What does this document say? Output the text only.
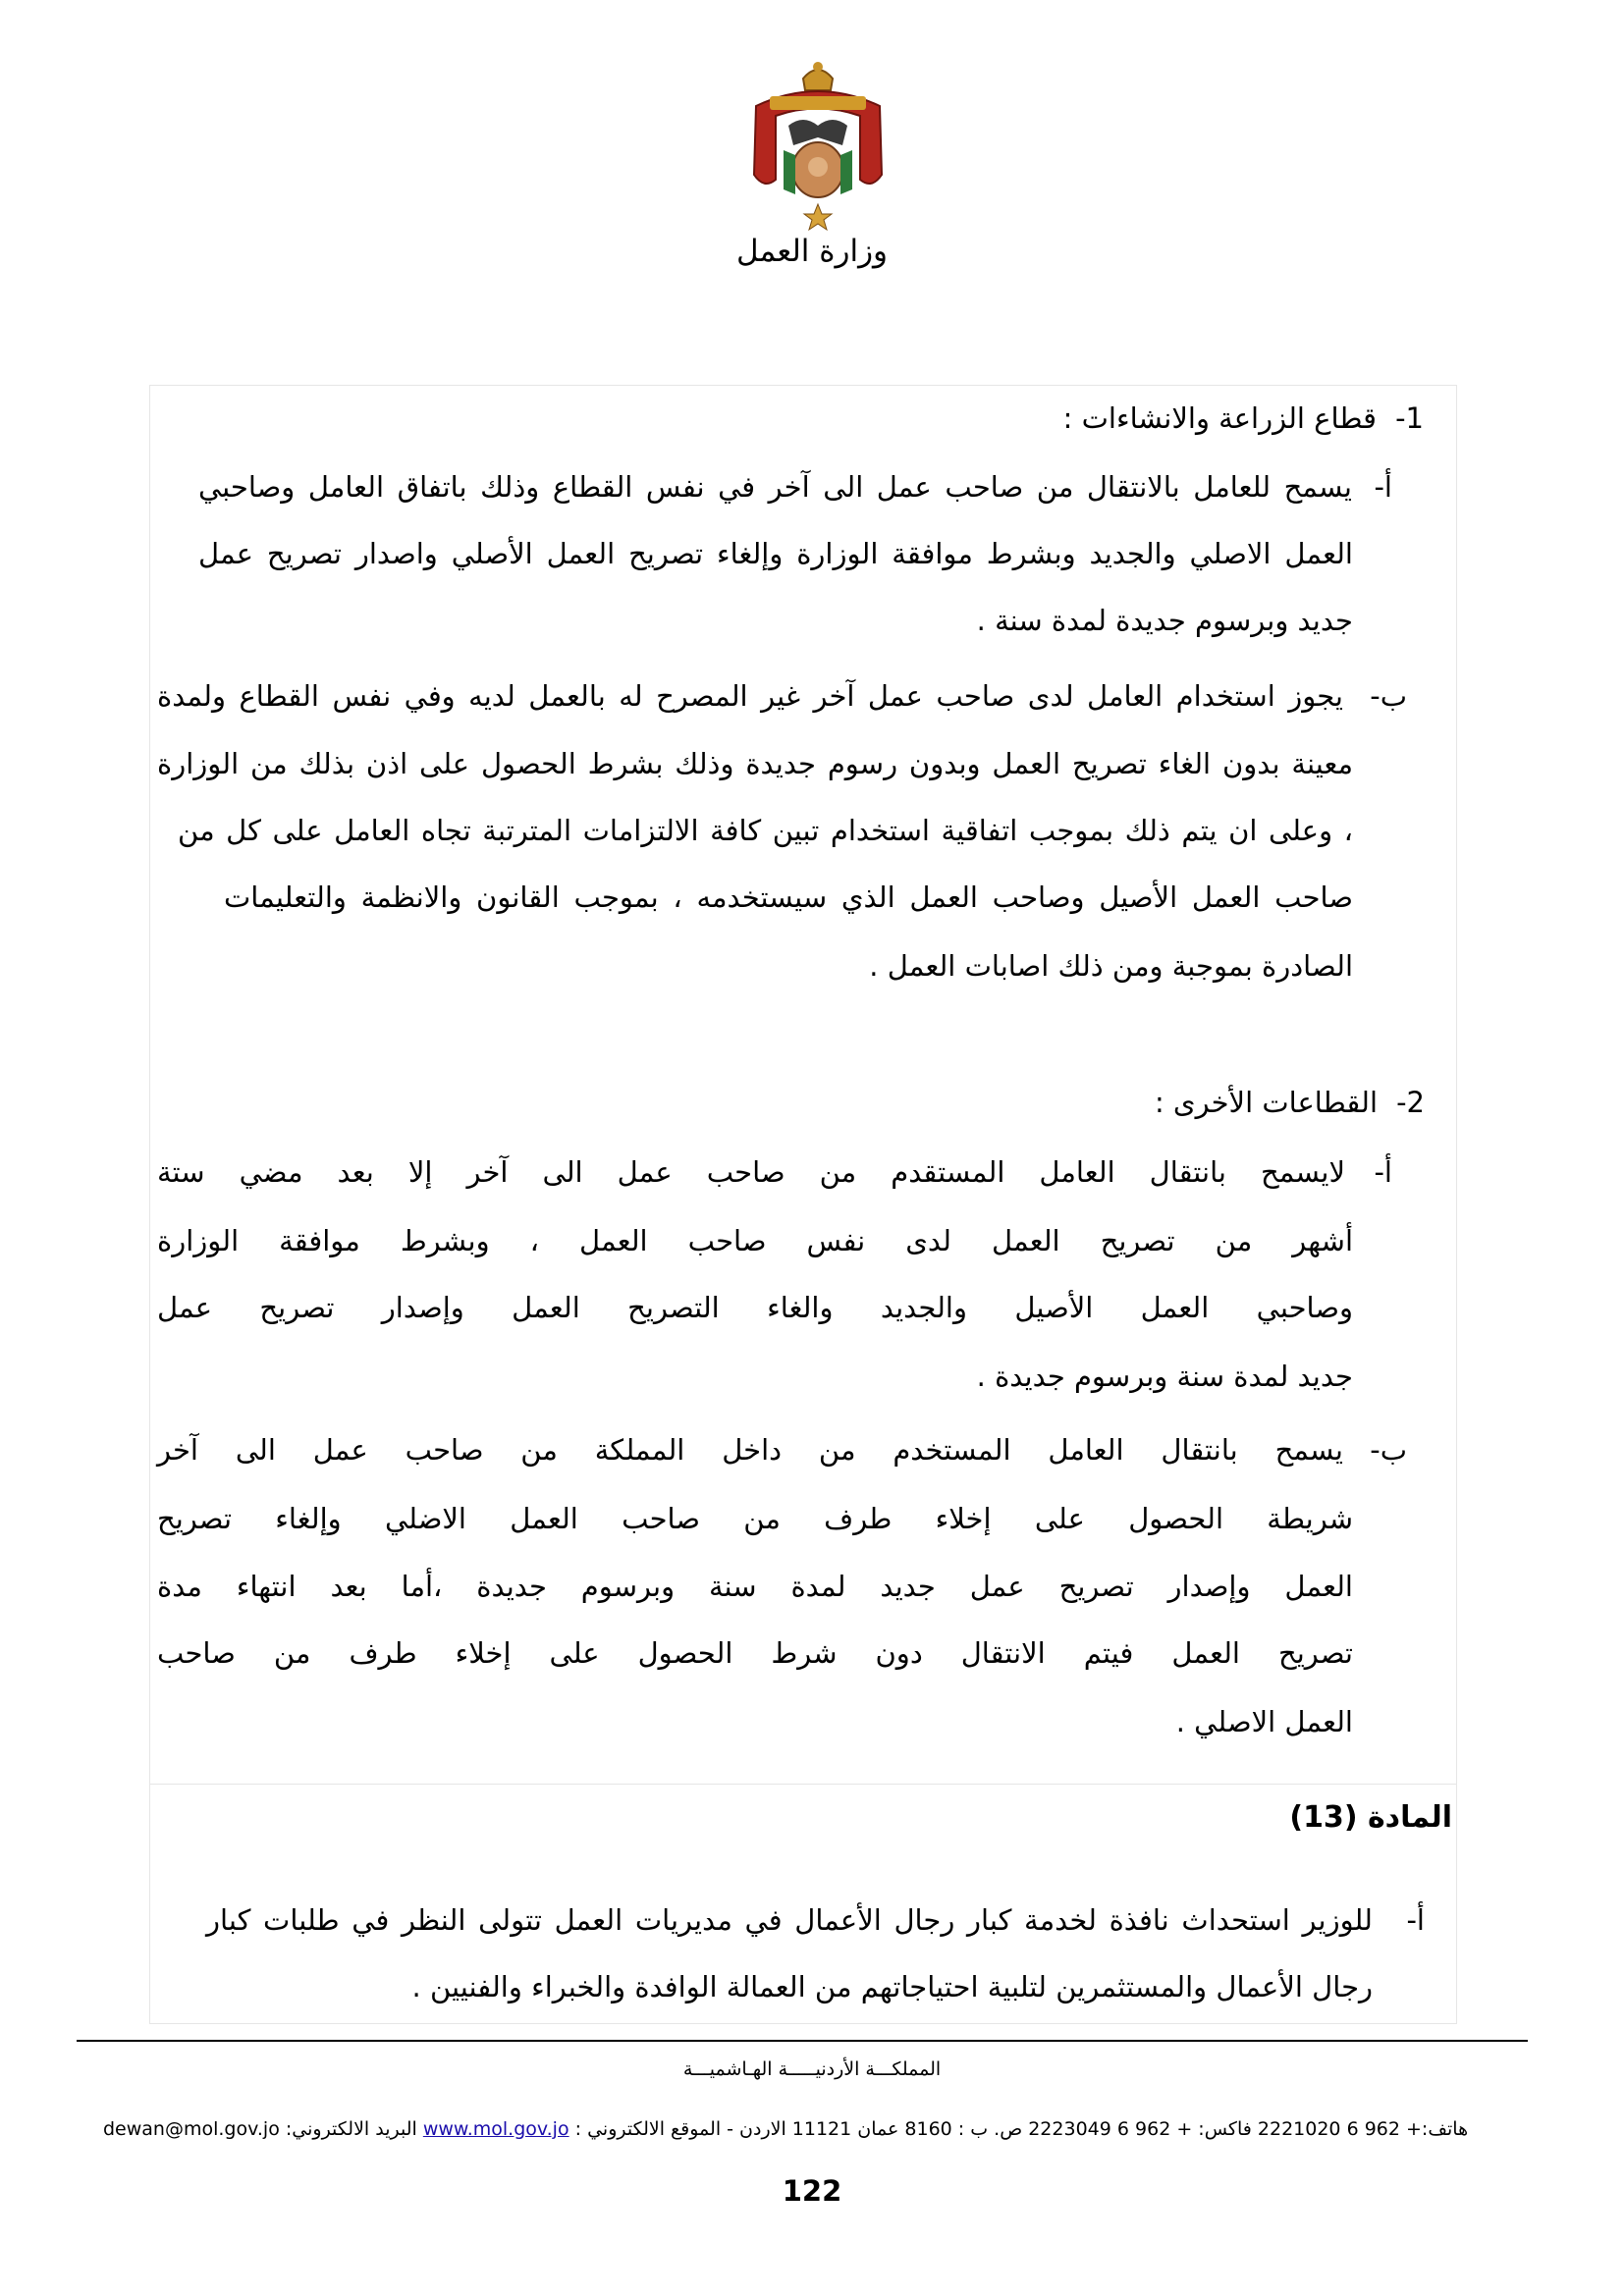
وزارة العمل
1-
قطاع الزراعة والانشاءات :
أ-
يسمح للعامل بالانتقال من صاحب عمل الى آخر في نفس القطاع وذلك باتفاق العامل وصاحبي
العمل الاصلي والجديد وبشرط موافقة الوزارة وإلغاء تصريح العمل الأصلي واصدار تصريح عمل
جديد وبرسوم جديدة لمدة سنة .
ب-
يجوز استخدام العامل لدى صاحب عمل آخر غير المصرح له بالعمل لديه وفي نفس القطاع ولمدة
معينة بدون الغاء تصريح العمل وبدون رسوم جديدة وذلك بشرط الحصول على اذن بذلك من الوزارة
، وعلى ان يتم ذلك بموجب اتفاقية استخدام تبين كافة الالتزامات المترتبة تجاه العامل على كل من
صاحب العمل الأصيل وصاحب العمل الذي سيستخدمه ، بموجب القانون والانظمة والتعليمات
الصادرة بموجبة ومن ذلك اصابات العمل .
2-
القطاعات الأخرى :
أ-
لايسمح بانتقال العامل المستقدم من صاحب عمل الى آخر إلا بعد مضي ستة
أشهر من تصريح العمل لدى نفس صاحب العمل ، وبشرط موافقة الوزارة
وصاحبي العمل الأصيل والجديد والغاء التصريح العمل وإصدار تصريح عمل
جديد لمدة سنة وبرسوم جديدة .
ب-
يسمح بانتقال العامل المستخدم من داخل المملكة من صاحب عمل الى آخر
شريطة الحصول على إخلاء طرف من صاحب العمل الاضلي وإلغاء تصريح
العمل وإصدار تصريح عمل جديد لمدة سنة وبرسوم جديدة ،أما بعد انتهاء مدة
تصريح العمل فيتم الانتقال دون شرط الحصول على إخلاء طرف من صاحب
العمل الاصلي .
المادة (13)
أ-
للوزير استحداث نافذة لخدمة كبار رجال الأعمال في مديريات العمل تتولى النظر في طلبات كبار
رجال الأعمال والمستثمرين لتلبية احتياجاتهم من العمالة الوافدة والخبراء والفنيين .
المملكـــة الأردنيـــــة الهـاشميـــة
البريد الالكتروني: dewan@mol.gov.jo www.mol.gov.jo هاتف:+ 962 6 2221020 فاكس: + 962 6 2223049 ص. ب : 8160 عمان 11121 الاردن - الموقع الالكتروني :
122
